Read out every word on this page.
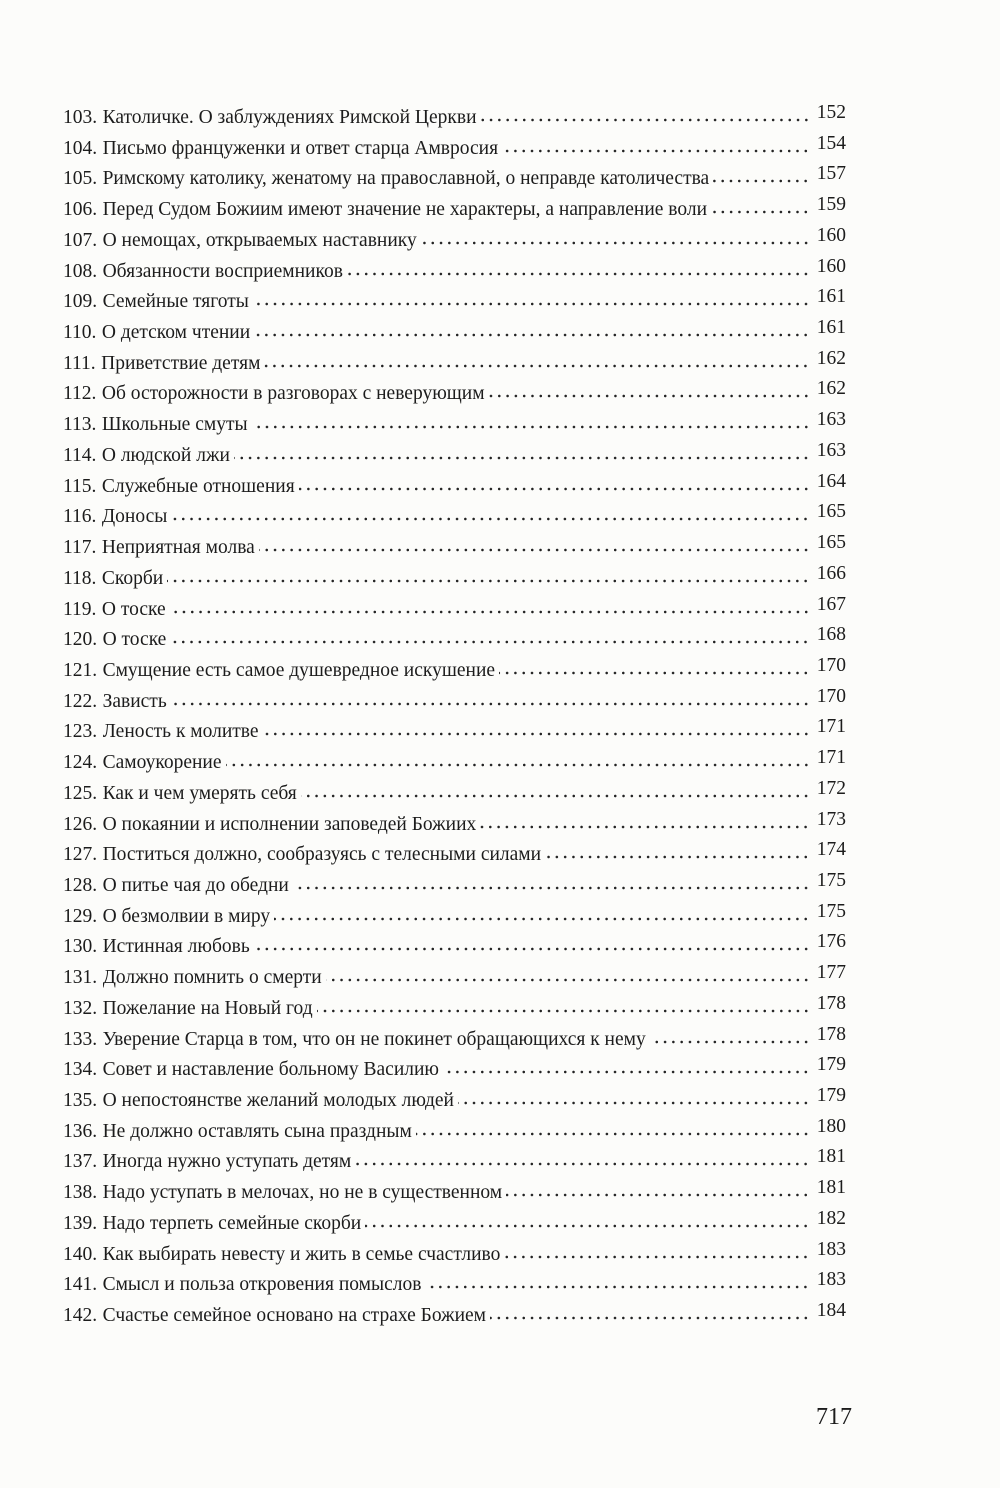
103. Католичке. О заблуждениях Римской Церкви	152
104. Письмо француженки и ответ старца Амвросия	154
105. Римскому католику, женатому на православной, о неправде католичества	157
106. Перед Судом Божиим имеют значение не характеры, а направление воли	159
107. О немощах, открываемых наставнику	160
108. Обязанности восприемников	160
109. Семейные тяготы	161
110. О детском чтении	161
111. Приветствие детям	162
112. Об осторожности в разговорах с неверующим	162
113. Школьные смуты	163
114. О людской лжи	163
115. Служебные отношения	164
116. Доносы	165
117. Неприятная молва	165
118. Скорби	166
119. О тоске	167
120. О тоске	168
121. Смущение есть самое душевредное искушение	170
122. Зависть	170
123. Леность к молитве	171
124. Самоукорение	171
125. Как и чем умерять себя	172
126. О покаянии и исполнении заповедей Божиих	173
127. Поститься должно, сообразуясь с телесными силами	174
128. О питье чая до обедни	175
129. О безмолвии в миру	175
130. Истинная любовь	176
131. Должно помнить о смерти	177
132. Пожелание на Новый год	178
133. Уверение Старца в том, что он не покинет обращающихся к нему	178
134. Совет и наставление больному Василию	179
135. О непостоянстве желаний молодых людей	179
136. Не должно оставлять сына праздным	180
137. Иногда нужно уступать детям	181
138. Надо уступать в мелочах, но не в существенном	181
139. Надо терпеть семейные скорби	182
140. Как выбирать невесту и жить в семье счастливо	183
141. Смысл и польза откровения помыслов	183
142. Счастье семейное основано на страхе Божием	184
717
